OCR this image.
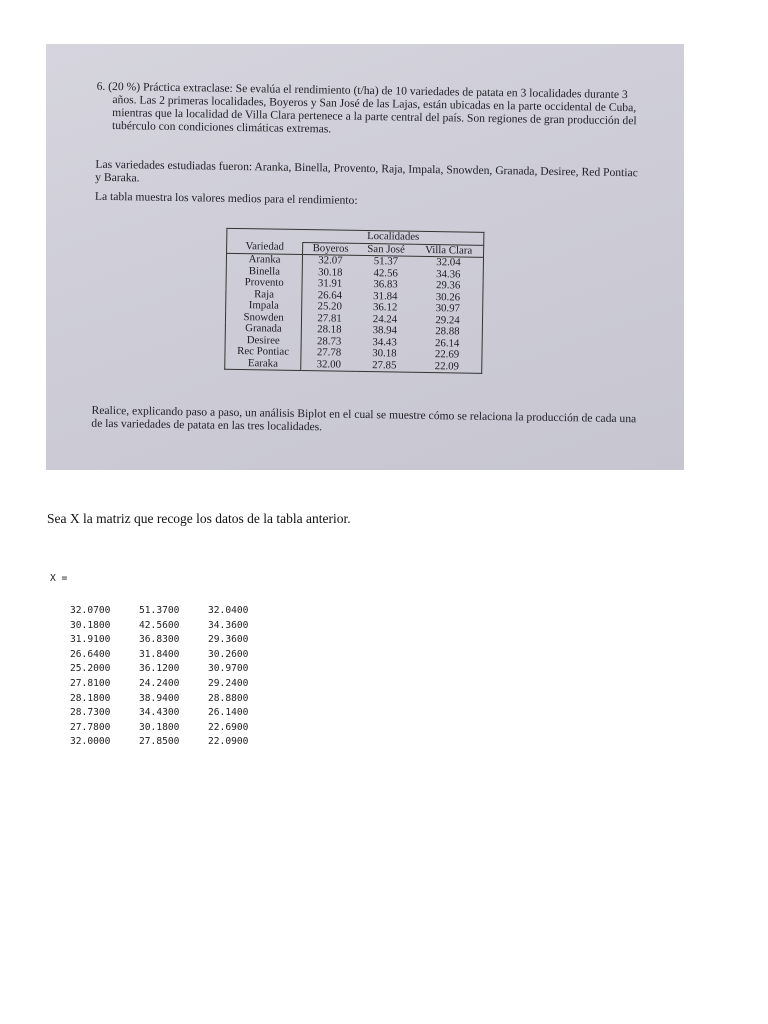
6. (20 %) Práctica extraclase: Se evalúa el rendimiento (t/ha) de 10 variedades de patata en 3 localidades durante 3 años. Las 2 primeras localidades, Boyeros y San José de las Lajas, están ubicadas en la parte occidental de Cuba, mientras que la localidad de Villa Clara pertenece a la parte central del país. Son regiones de gran producción del tubérculo con condiciones climáticas extremas.

Las variedades estudiadas fueron: Aranka, Binella, Provento, Raja, Impala, Snowden, Granada, Desiree, Red Pontiac y Baraka.

La tabla muestra los valores medios para el rendimiento:

	Localidades		
Variedad	Boyeros	San José	Villa Clara
Aranka	32.07	51.37	32.04
Binella	30.18	42.56	34.36
Provento	31.91	36.83	29.36
Raja	26.64	31.84	30.26
Impala	25.20	36.12	30.97
Snowden	27.81	24.24	29.24
Granada	28.18	38.94	28.88
Desiree	28.73	34.43	26.14
Rec Pontiac	27.78	30.18	22.69
Earaka	32.00	27.85	22.09

Realice, explicando paso a paso, un análisis Biplot en el cual se muestre cómo se relaciona la producción de cada una de las variedades de patata en las tres localidades.

Sea X la matriz que recoge los datos de la tabla anterior.

X =
32.0700	51.3700	32.0400
30.1800	42.5600	34.3600
31.9100	36.8300	29.3600
26.6400	31.8400	30.2600
25.2000	36.1200	30.9700
27.8100	24.2400	29.2400
28.1800	38.9400	28.8800
28.7300	34.4300	26.1400
27.7800	30.1800	22.6900
32.0000	27.8500	22.0900
